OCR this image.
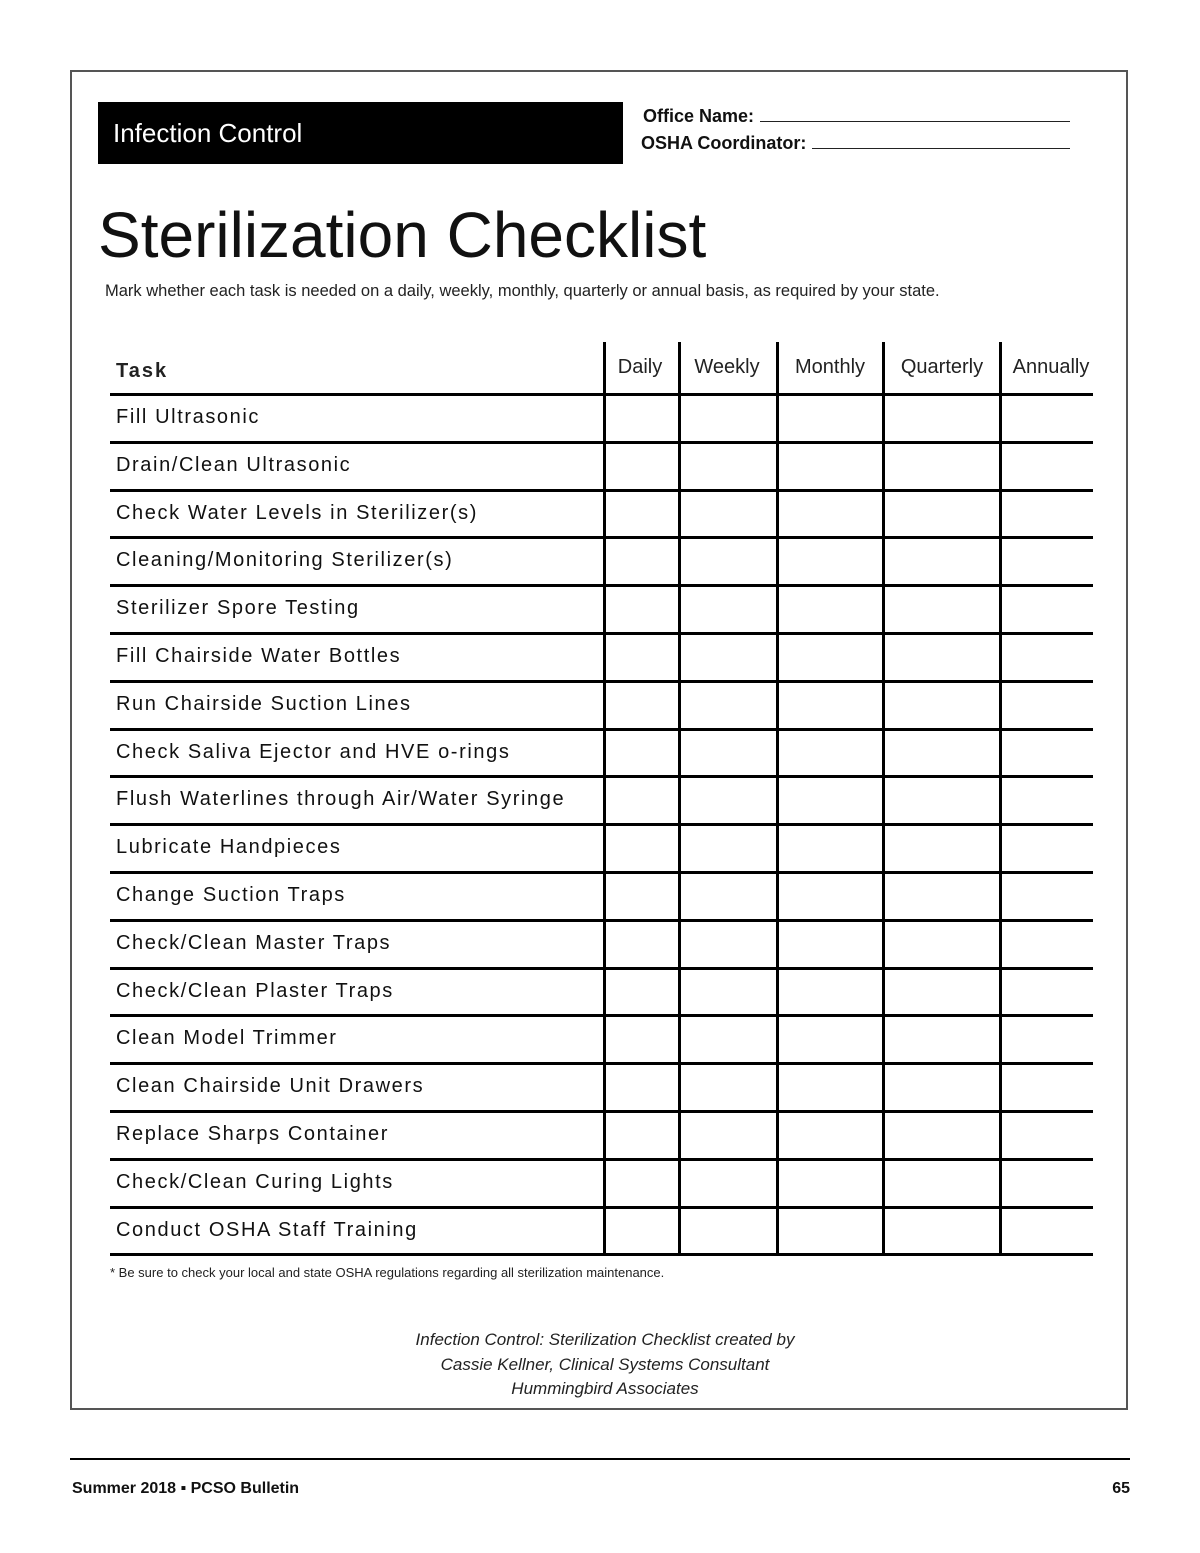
Infection Control
Office Name:
OSHA Coordinator:
Sterilization Checklist
Mark whether each task is needed on a daily, weekly, monthly, quarterly or annual basis, as required by your state.
Task	Daily	Weekly	Monthly	Quarterly	Annually
Fill Ultrasonic
Drain/Clean Ultrasonic
Check Water Levels in Sterilizer(s)
Cleaning/Monitoring Sterilizer(s)
Sterilizer Spore Testing
Fill Chairside Water Bottles
Run Chairside Suction Lines
Check Saliva Ejector and HVE o-rings
Flush Waterlines through Air/Water Syringe
Lubricate Handpieces
Change Suction Traps
Check/Clean Master Traps
Check/Clean Plaster Traps
Clean Model Trimmer
Clean Chairside Unit Drawers
Replace Sharps Container
Check/Clean Curing Lights
Conduct OSHA Staff Training
* Be sure to check your local and state OSHA regulations regarding all sterilization maintenance.
Infection Control: Sterilization Checklist created by
Cassie Kellner, Clinical Systems Consultant
Hummingbird Associates
Summer 2018 ▪ PCSO Bulletin	65
